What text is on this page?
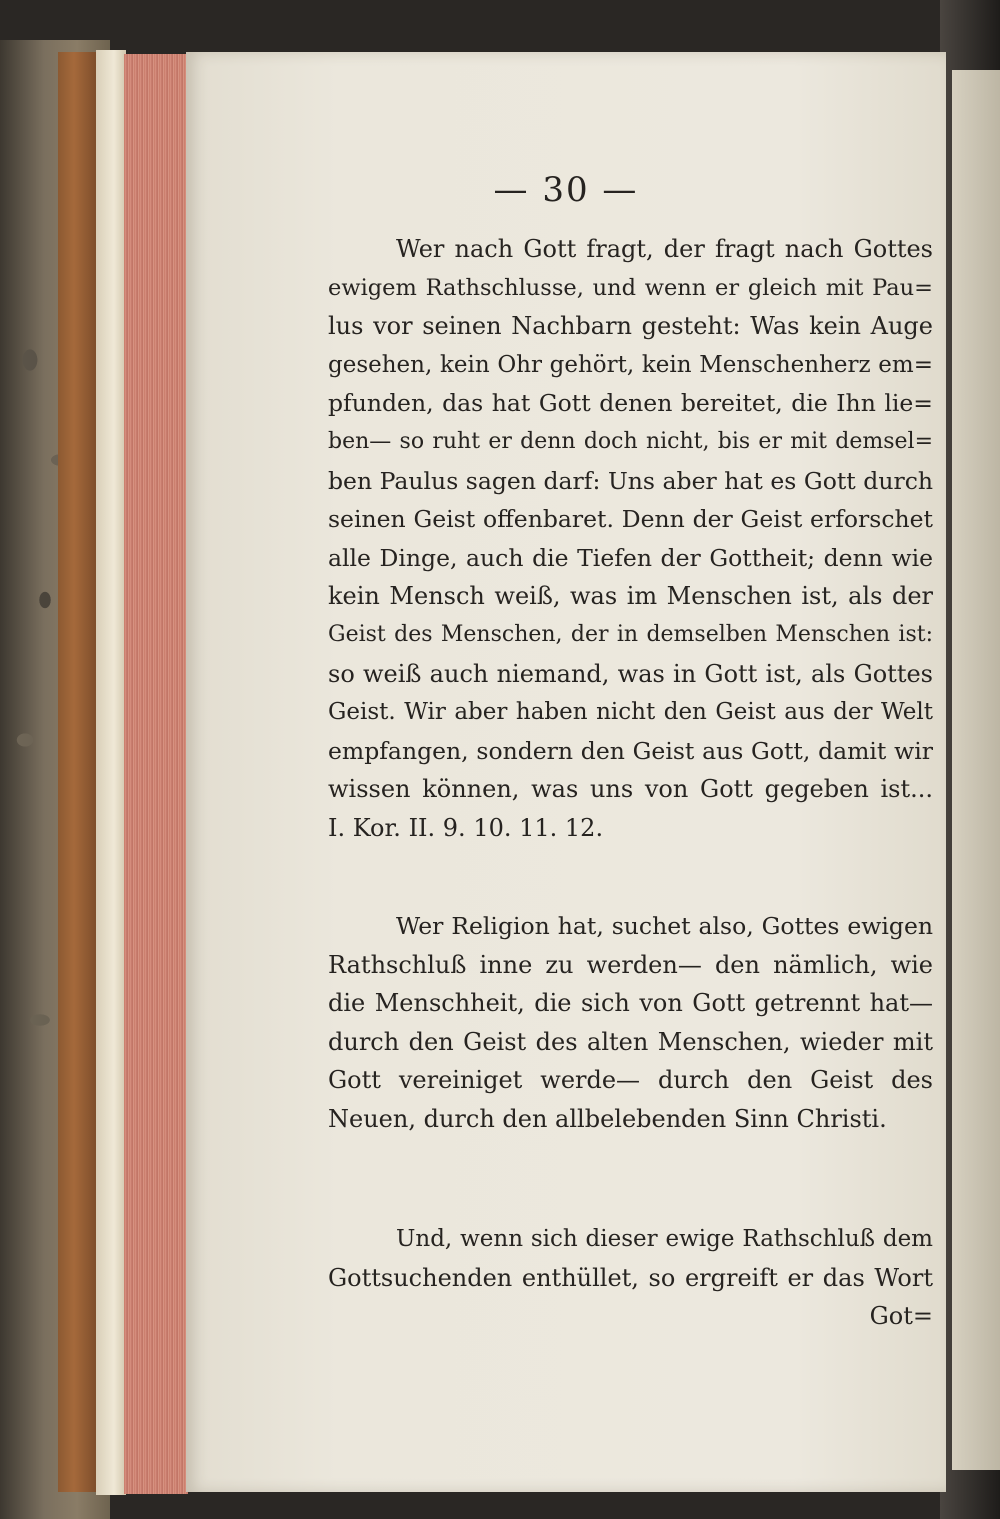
— 30 —

Wer nach Gott fragt, der fragt nach Gottes
ewigem Rathschlusse, und wenn er gleich mit Pau=
lus vor seinen Nachbarn gesteht: Was kein Auge
gesehen, kein Ohr gehört, kein Menschenherz em=
pfunden, das hat Gott denen bereitet, die Ihn lie=
ben— so ruht er denn doch nicht, bis er mit demsel=
ben Paulus sagen darf: Uns aber hat es Gott durch
seinen Geist offenbaret. Denn der Geist erforschet
alle Dinge, auch die Tiefen der Gottheit; denn wie
kein Mensch weiß, was im Menschen ist, als der
Geist des Menschen, der in demselben Menschen ist:
so weiß auch niemand, was in Gott ist, als Gottes
Geist. Wir aber haben nicht den Geist aus der Welt
empfangen, sondern den Geist aus Gott, damit wir
wissen können, was uns von Gott gegeben ist...
I. Kor. II. 9. 10. 11. 12.

Wer Religion hat, suchet also, Gottes ewigen
Rathschluß inne zu werden— den nämlich, wie
die Menschheit, die sich von Gott getrennt hat—
durch den Geist des alten Menschen, wieder mit
Gott vereiniget werde— durch den Geist des
Neuen, durch den allbelebenden Sinn Christi.

Und, wenn sich dieser ewige Rathschluß dem
Gottsuchenden enthüllet, so ergreift er das Wort
Got=
